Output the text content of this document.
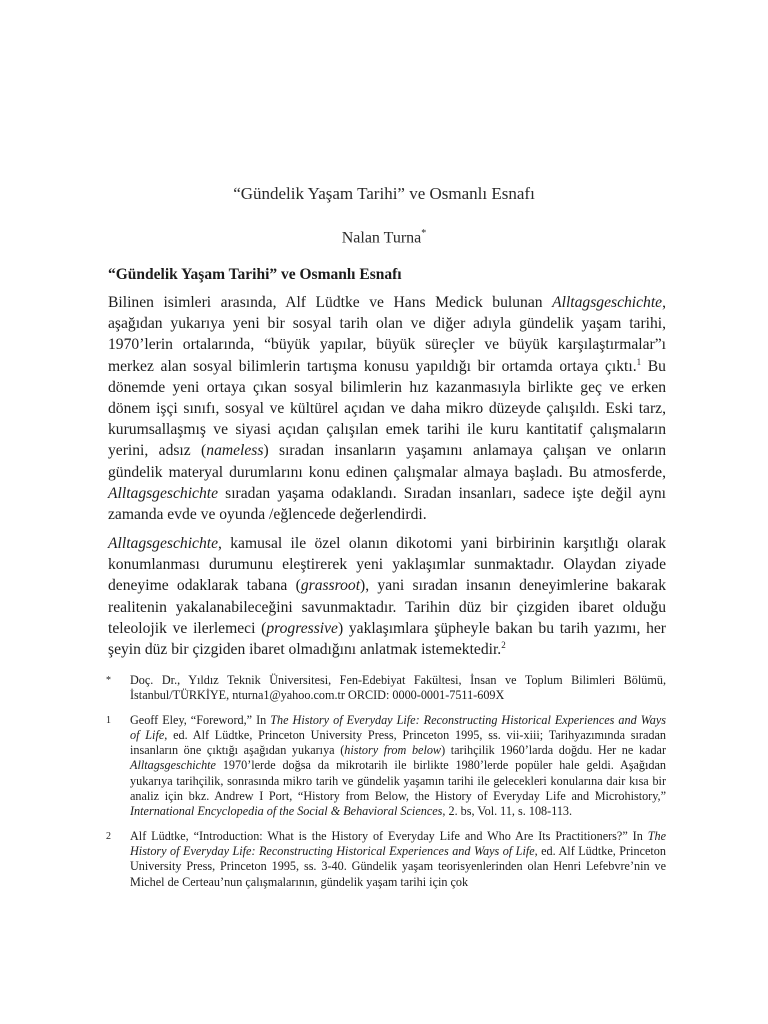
“Gündelik Yaşam Tarihi” ve Osmanlı Esnafı
Nalan Turna*
“Gündelik Yaşam Tarihi” ve Osmanlı Esnafı

Bilinen isimleri arasında, Alf Lüdtke ve Hans Medick bulunan Alltagsgeschichte, aşağıdan yukarıya yeni bir sosyal tarih olan ve diğer adıyla gündelik yaşam tarihi, 1970’lerin ortalarında, “büyük yapılar, büyük süreçler ve büyük karşılaştırmalar”ı merkez alan sosyal bilimlerin tartışma konusu yapıldığı bir ortamda ortaya çıktı.$^1$ Bu dönemde yeni ortaya çıkan sosyal bilimlerin hız kazanmasıyla birlikte geç ve erken dönem işçi sınıfı, sosyal ve kültürel açıdan ve daha mikro düzeyde çalışıldı. Eski tarz, kurumsallaşmış ve siyasi açıdan çalışılan emek tarihi ile kuru kantitatif çalışmaların yerini, adsız (nameless) sıradan insanların yaşamını anlamaya çalışan ve onların gündelik materyal durumlarını konu edinen çalışmalar almaya başladı. Bu atmosferde, Alltagsgeschichte sıradan yaşama odaklandı. Sıradan insanları, sadece işte değil aynı zamanda evde ve oyunda /eğlencede değerlendirdi.

Alltagsgeschichte, kamusal ile özel olanın dikotomi yani birbirinin karşıtlığı olarak konumlanması durumunu eleştirerek yeni yaklaşımlar sunmaktadır. Olaydan ziyade deneyime odaklarak tabana (grassroot), yani sıradan insanın deneyimlerine bakarak realitenin yakalanabileceğini savunmaktadır. Tarihin düz bir çizgiden ibaret olduğu teleolojik ve ilerlemeci (progressive) yaklaşımlara şüpheyle bakan bu tarih yazımı, her şeyin düz bir çizgiden ibaret olmadığını anlatmak istemektedir.$^2$

* Doç. Dr., Yıldız Teknik Üniversitesi, Fen-Edebiyat Fakültesi, İnsan ve Toplum Bilimleri Bölümü, İstanbul/TÜRKİYE, nturna1@yahoo.com.tr ORCID: 0000-0001-7511-609X
1 Geoff Eley, “Foreword,” In The History of Everyday Life: Reconstructing Historical Experiences and Ways of Life, ed. Alf Lüdtke, Princeton University Press, Princeton 1995, ss. vii-xiii; Tarihyazımında sıradan insanların öne çıktığı aşağıdan yukarıya (history from below) tarihçilik 1960’larda doğdu. Her ne kadar Alltagsgeschichte 1970’lerde doğsa da mikrotarih ile birlikte 1980’lerde popüler hale geldi. Aşağıdan yukarıya tarihçilik, sonrasında mikro tarih ve gündelik yaşamın tarihi ile gelecekleri konularına dair kısa bir analiz için bkz. Andrew I Port, “History from Below, the History of Everyday Life and Microhistory,” International Encyclopedia of the Social & Behavioral Sciences, 2. bs, Vol. 11, s. 108-113.
2 Alf Lüdtke, “Introduction: What is the History of Everyday Life and Who Are Its Practitioners?” In The History of Everyday Life: Reconstructing Historical Experiences and Ways of Life, ed. Alf Lüdtke, Princeton University Press, Princeton 1995, ss. 3-40. Gündelik yaşam teorisyenlerinden olan Henri Lefebvre’nin ve Michel de Certeau’nun çalışmalarının, gündelik yaşam tarihi için çok
